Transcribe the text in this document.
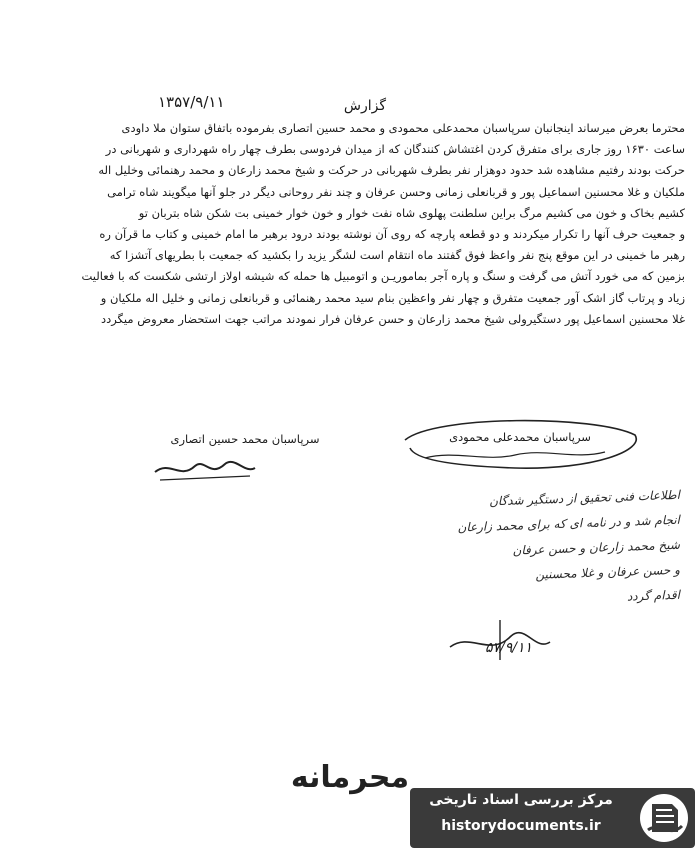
گزارش
۱۳۵۷/۹/۱۱
محترما بعرض میرساند اینجانبان سرپاسبان محمدعلی محمودی و محمد حسین اتصاری بفرموده باتفاق ستوان ملا داودی
ساعت ۱۶۳۰ روز جاری برای متفرق کردن اغتشاش کنندگان که از میدان فردوسی بطرف چهار راه شهرداری و شهربانی در
حرکت بودند رفتیم مشاهده شد حدود دوهزار نفر بطرف شهربانی در حرکت و شیخ محمد زارعان و محمد رهنمائی وخلیل اله
ملکیان و غلا محسنین اسماعیل پور و قربانعلی زمانی وحسن عرفان و چند نفر روحانی دیگر در جلو آنها میگویند شاه ترامی
کشیم بخاک و خون می کشیم مرگ براین سلطنت پهلوی شاه نفت خوار و خون خوار خمینی بت شکن شاه بتربان تو
و جمعیت حرف آنها را تکرار میکردند و دو قطعه پارچه که روی آن نوشته بودند درود برهبر ما امام خمینی و کتاب ما قرآن ره
رهبر ما خمینی در این موقع پنج نفر واعظ فوق گفتند ماه انتقام است لشگر یزید را بکشید که جمعیت با بطریهای آتشزا که
بزمین که می خورد آتش می گرفت و سنگ و پاره آجر بماموریـن و اتومبیل ها حمله که شیشه اولاز ارتشی شکست که با فعالیت
زیاد و پرتاب گاز اشک آور جمعیت متفرق و چهار نفر واعظین بنام سید محمد رهنمائی و قربانعلی زمانی و خلیل اله ملکیان و
غلا محسنین اسماعیل پور دستگیرولی شیخ محمد زارعان و حسن عرفان فرار نمودند مراتب جهت استحضار معروض میگردد
سرپاسبان محمدعلی محمودی
سرپاسبان محمد حسین اتصاری
اطلاعات فنی تحقیق از دستگیر شدگان
انجام شد و در نامه ای که برای محمد زارعان
شیخ محمد زارعان و حسن عرفان
و حسن عرفان و غلا محسنین
اقدام گردد
۵۷/۹/۱۱
محرمانه
مرکز بررسی اسناد تاریخی
historydocuments.ir
